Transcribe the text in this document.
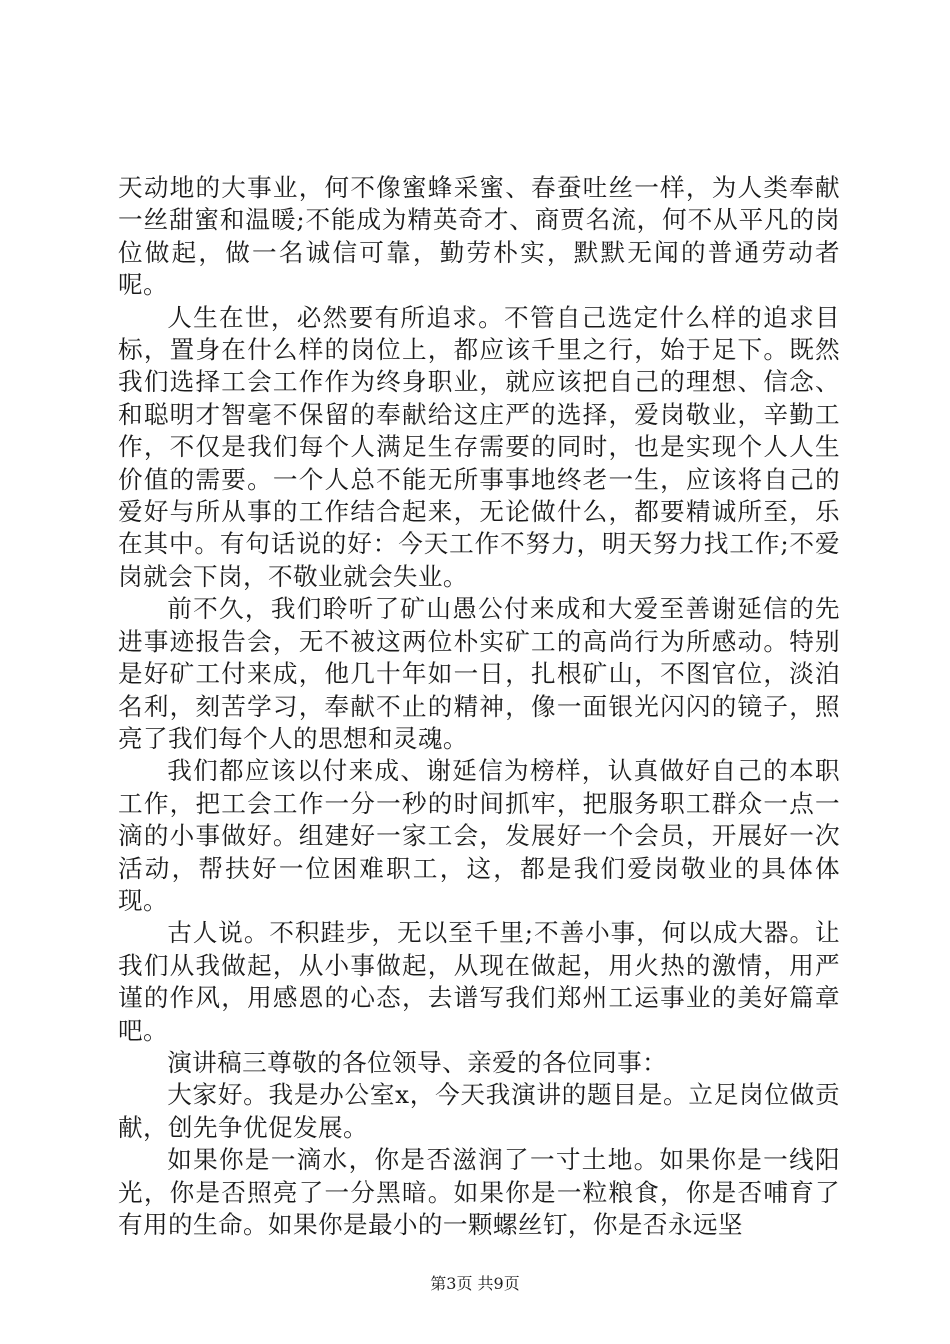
天动地的大事业，何不像蜜蜂采蜜、春蚕吐丝一样，为人类奉献一丝甜蜜和温暖;不能成为精英奇才、商贾名流，何不从平凡的岗位做起，做一名诚信可靠，勤劳朴实，默默无闻的普通劳动者呢。

人生在世，必然要有所追求。不管自己选定什么样的追求目标，置身在什么样的岗位上，都应该千里之行，始于足下。既然我们选择工会工作作为终身职业，就应该把自己的理想、信念、和聪明才智毫不保留的奉献给这庄严的选择，爱岗敬业，辛勤工作，不仅是我们每个人满足生存需要的同时，也是实现个人人生价值的需要。一个人总不能无所事事地终老一生，应该将自己的爱好与所从事的工作结合起来，无论做什么，都要精诚所至，乐在其中。有句话说的好：今天工作不努力，明天努力找工作;不爱岗就会下岗，不敬业就会失业。

前不久，我们聆听了矿山愚公付来成和大爱至善谢延信的先进事迹报告会，无不被这两位朴实矿工的高尚行为所感动。特别是好矿工付来成，他几十年如一日，扎根矿山，不图官位，淡泊名利，刻苦学习，奉献不止的精神，像一面银光闪闪的镜子，照亮了我们每个人的思想和灵魂。

我们都应该以付来成、谢延信为榜样，认真做好自己的本职工作，把工会工作一分一秒的时间抓牢，把服务职工群众一点一滴的小事做好。组建好一家工会，发展好一个会员，开展好一次活动，帮扶好一位困难职工，这，都是我们爱岗敬业的具体体现。

古人说。不积跬步，无以至千里;不善小事，何以成大器。让我们从我做起，从小事做起，从现在做起，用火热的激情，用严谨的作风，用感恩的心态，去谱写我们郑州工运事业的美好篇章吧。

演讲稿三尊敬的各位领导、亲爱的各位同事：

大家好。我是办公室x，今天我演讲的题目是。立足岗位做贡献，创先争优促发展。

如果你是一滴水，你是否滋润了一寸土地。如果你是一线阳光，你是否照亮了一分黑暗。如果你是一粒粮食，你是否哺育了有用的生命。如果你是最小的一颗螺丝钉，你是否永远坚

第3页 共9页
